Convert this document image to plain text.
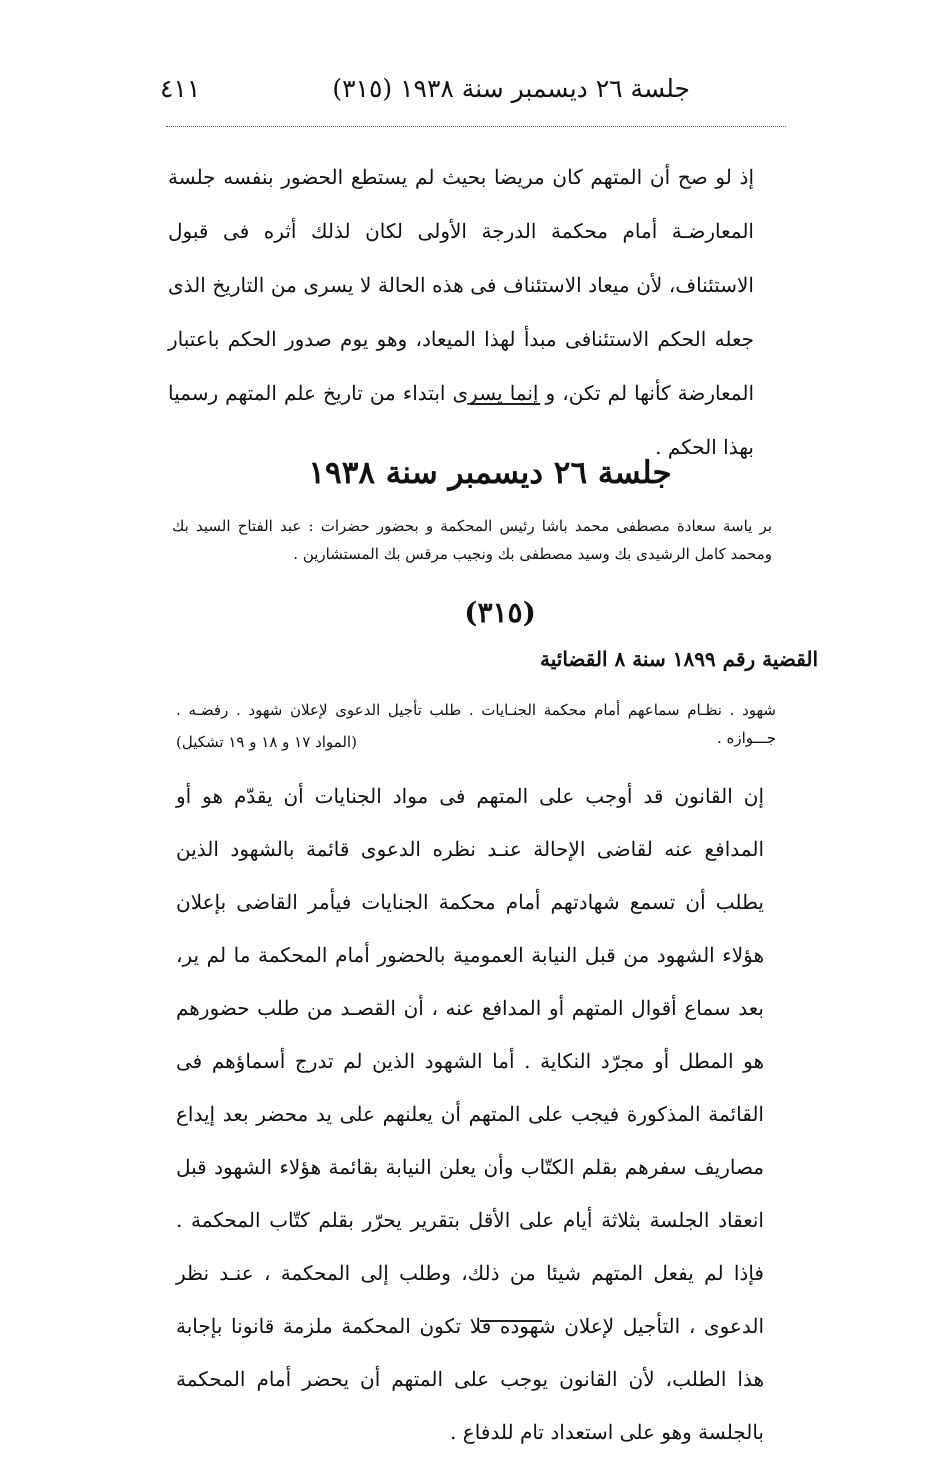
جلسة ٢٦ ديسمبر سنة ١٩٣٨ (٣١٥)
٤١١

إذ لو صح أن المتهم كان مريضا بحيث لم يستطع الحضور بنفسه جلسة المعارضـة أمام محكمة الدرجة الأولى لكان لذلك أثره فى قبول الاستئناف، لأن ميعاد الاستئناف فى هذه الحالة لا يسرى من التاريخ الذى جعله الحكم الاستئنافى مبدأ لهذا الميعاد، وهو يوم صدور الحكم باعتبار المعارضة كأنها لم تكن، و إنما يسرى ابتداء من تاريخ علم المتهم رسميا بهذا الحكم .

جلسة ٢٦ ديسمبر سنة ١٩٣٨
بر ياسة سعادة مصطفى محمد باشا رئيس المحكمة و بحضور حضرات : عبد الفتاح السيد بك ومحمد كامل الرشيدى بك وسيد مصطفى بك ونجيب مرقس بك المستشارين .
(٣١٥)
القضية رقم ١٨٩٩ سنة ٨ القضائية

شهود . نظـام سماعهم أمام محكمة الجنـايات . طلب تأجيل الدعوى لإعلان شهود . رفضـه . جـــوازه .

(المواد ١٧ و ١٨ و ١٩ تشكيل)

إن القانون قد أوجب على المتهم فى مواد الجنايات أن يقدّم هو أو المدافع عنه لقاضى الإحالة عنـد نظره الدعوى قائمة بالشهود الذين يطلب أن تسمع شهادتهم أمام محكمة الجنايات فيأمر القاضى بإعلان هؤلاء الشهود من قبل النيابة العمومية بالحضور أمام المحكمة ما لم ير، بعد سماع أقوال المتهم أو المدافع عنه ، أن القصـد من طلب حضورهم هو المطل أو مجرّد النكاية . أما الشهود الذين لم تدرج أسماؤهم فى القائمة المذكورة فيجب على المتهم أن يعلنهم على يد محضر بعد إيداع مصاريف سفرهم بقلم الكتّاب وأن يعلن النيابة بقائمة هؤلاء الشهود قبل انعقاد الجلسة بثلاثة أيام على الأقل بتقرير يحرّر بقلم كتّاب المحكمة . فإذا لم يفعل المتهم شيئا من ذلك، وطلب إلى المحكمة ، عنـد نظر الدعوى ، التأجيل لإعلان شهوده فلا تكون المحكمة ملزمة قانونا بإجابة هذا الطلب، لأن القانون يوجب على المتهم أن يحضر أمام المحكمة بالجلسة وهو على استعداد تام للدفاع .
